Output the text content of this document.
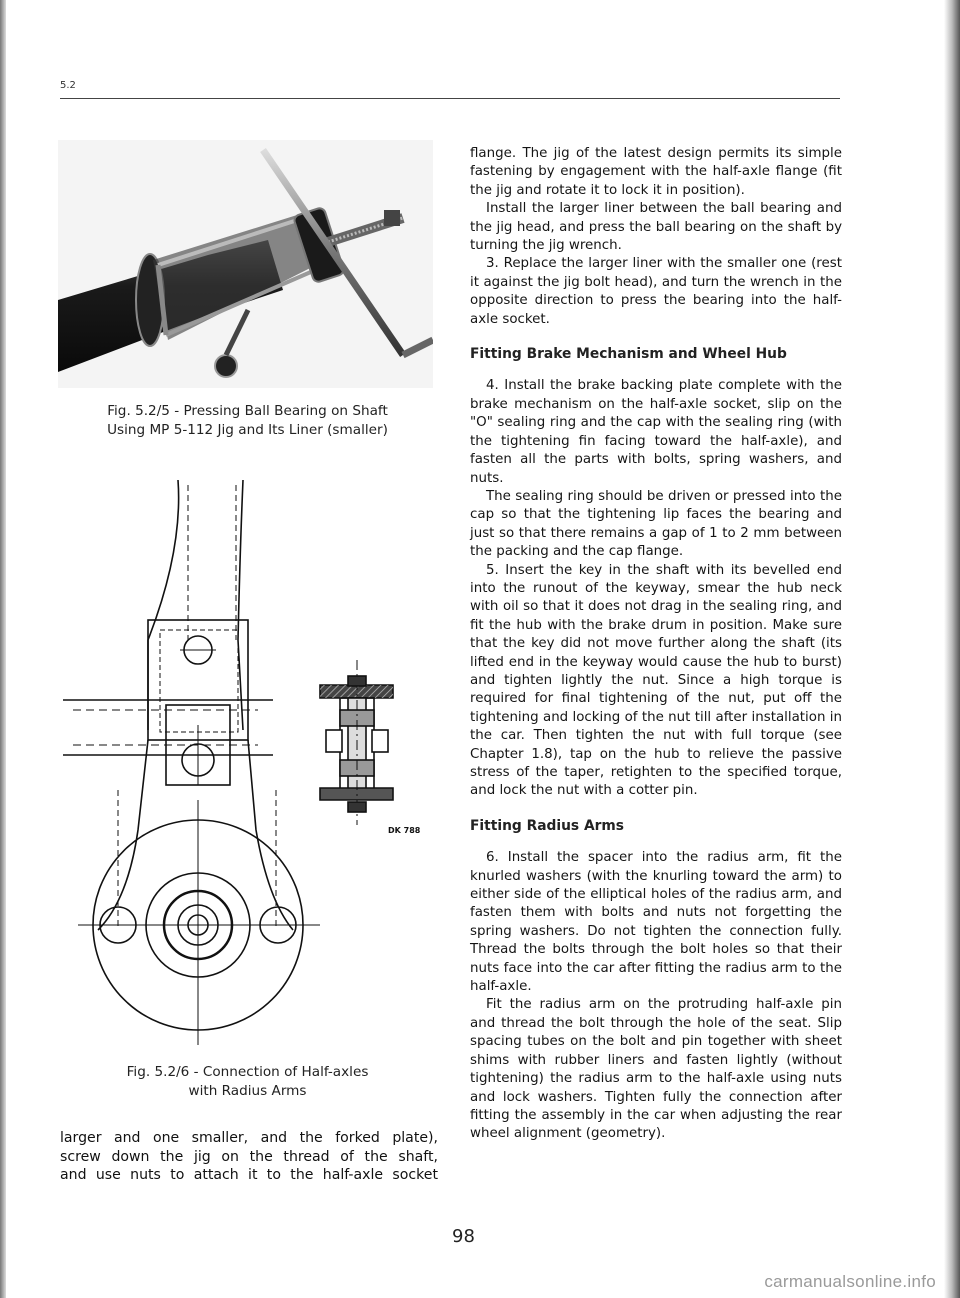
5.2
Fig. 5.2/5 - Pressing Ball Bearing on Shaft
Using MP 5-112 Jig and Its Liner (smaller)
DK 788
Fig. 5.2/6 - Connection of Half-axles
with Radius Arms
larger and one smaller, and the forked plate),
screw down the jig on the thread of the shaft,
and use nuts to attach it to the half-axle socket

flange. The jig of the latest design permits its simple fastening by engagement with the half-axle flange (fit the jig and rotate it to lock it in position).

Install the larger liner between the ball bearing and the jig head, and press the ball bearing on the shaft by turning the jig wrench.

3. Replace the larger liner with the smaller one (rest it against the jig bolt head), and turn the wrench in the opposite direction to press the bearing into the half-axle socket.

Fitting Brake Mechanism and Wheel Hub

4. Install the brake backing plate complete with the brake mechanism on the half-axle socket, slip on the "O" sealing ring and the cap with the sealing ring (with the tightening fin facing toward the half-axle), and fasten all the parts with bolts, spring washers, and nuts.

The sealing ring should be driven or pressed into the cap so that the tightening lip faces the bearing and just so that there remains a gap of 1 to 2 mm between the packing and the cap flange.

5. Insert the key in the shaft with its bevelled end into the runout of the keyway, smear the hub neck with oil so that it does not drag in the sealing ring, and fit the hub with the brake drum in position. Make sure that the key did not move further along the shaft (its lifted end in the keyway would cause the hub to burst) and tighten lightly the nut. Since a high torque is required for final tightening of the nut, put off the tightening and locking of the nut till after installation in the car. Then tighten the nut with full torque (see Chapter 1.8), tap on the hub to relieve the passive stress of the taper, retighten to the specified torque, and lock the nut with a cotter pin.

Fitting Radius Arms

6. Install the spacer into the radius arm, fit the knurled washers (with the knurling toward the arm) to either side of the elliptical holes of the radius arm, and fasten them with bolts and nuts not forgetting the spring washers. Do not tighten the connection fully. Thread the bolts through the bolt holes so that their nuts face into the car after fitting the radius arm to the half-axle.

Fit the radius arm on the protruding half-axle pin and thread the bolt through the hole of the seat. Slip spacing tubes on the bolt and pin together with sheet shims with rubber liners and fasten lightly (without tightening) the radius arm to the half-axle using nuts and lock washers. Tighten fully the connection after fitting the assembly in the car when adjusting the rear wheel alignment (geometry).

98
carmanualsonline.info
